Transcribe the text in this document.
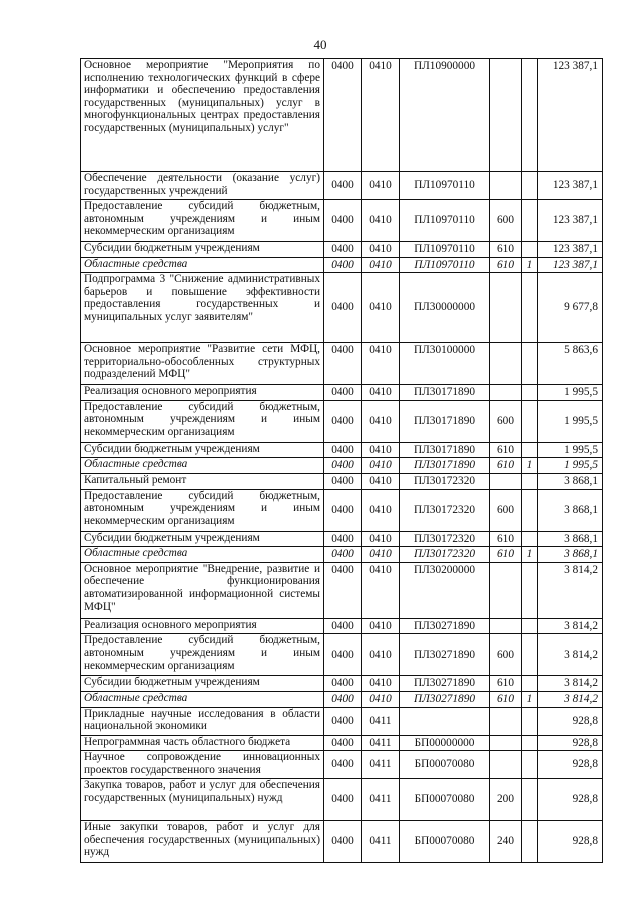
40
Основное мероприятие "Мероприятия по исполнению технологических функций в сфере информатики и обеспечению предоставления государственных (муниципальных) услуг в многофункциональных центрах предоставления государственных (муниципальных) услуг"	0400	0410	ПЛ10900000			123 387,1
Обеспечение деятельности (оказание услуг) государственных учреждений	0400	0410	ПЛ10970110			123 387,1
Предоставление субсидий бюджетным, автономным учреждениям и иным некоммерческим организациям	0400	0410	ПЛ10970110	600		123 387,1
Субсидии бюджетным учреждениям	0400	0410	ПЛ10970110	610		123 387,1
Областные средства	0400	0410	ПЛ10970110	610	1	123 387,1
Подпрограмма 3 "Снижение административных барьеров и повышение эффективности предоставления государственных и муниципальных услуг заявителям"	0400	0410	ПЛ30000000			9 677,8
Основное мероприятие "Развитие сети МФЦ, территориально-обособленных структурных подразделений МФЦ"	0400	0410	ПЛ30100000			5 863,6
Реализация основного мероприятия	0400	0410	ПЛ30171890			1 995,5
Предоставление субсидий бюджетным, автономным учреждениям и иным некоммерческим организациям	0400	0410	ПЛ30171890	600		1 995,5
Субсидии бюджетным учреждениям	0400	0410	ПЛ30171890	610		1 995,5
Областные средства	0400	0410	ПЛ30171890	610	1	1 995,5
Капитальный ремонт	0400	0410	ПЛ30172320			3 868,1
Предоставление субсидий бюджетным, автономным учреждениям и иным некоммерческим организациям	0400	0410	ПЛ30172320	600		3 868,1
Субсидии бюджетным учреждениям	0400	0410	ПЛ30172320	610		3 868,1
Областные средства	0400	0410	ПЛ30172320	610	1	3 868,1
Основное мероприятие "Внедрение, развитие и обеспечение функционирования автоматизированной информационной системы МФЦ"	0400	0410	ПЛ30200000			3 814,2
Реализация основного мероприятия	0400	0410	ПЛ30271890			3 814,2
Предоставление субсидий бюджетным, автономным учреждениям и иным некоммерческим организациям	0400	0410	ПЛ30271890	600		3 814,2
Субсидии бюджетным учреждениям	0400	0410	ПЛ30271890	610		3 814,2
Областные средства	0400	0410	ПЛ30271890	610	1	3 814,2
Прикладные научные исследования в области национальной экономики	0400	0411				928,8
Непрограммная часть областного бюджета	0400	0411	БП00000000			928,8
Научное сопровождение инновационных проектов государственного значения	0400	0411	БП00070080			928,8
Закупка товаров, работ и услуг для обеспечения государственных (муниципальных) нужд	0400	0411	БП00070080	200		928,8
Иные закупки товаров, работ и услуг для обеспечения государственных (муниципальных) нужд	0400	0411	БП00070080	240		928,8
